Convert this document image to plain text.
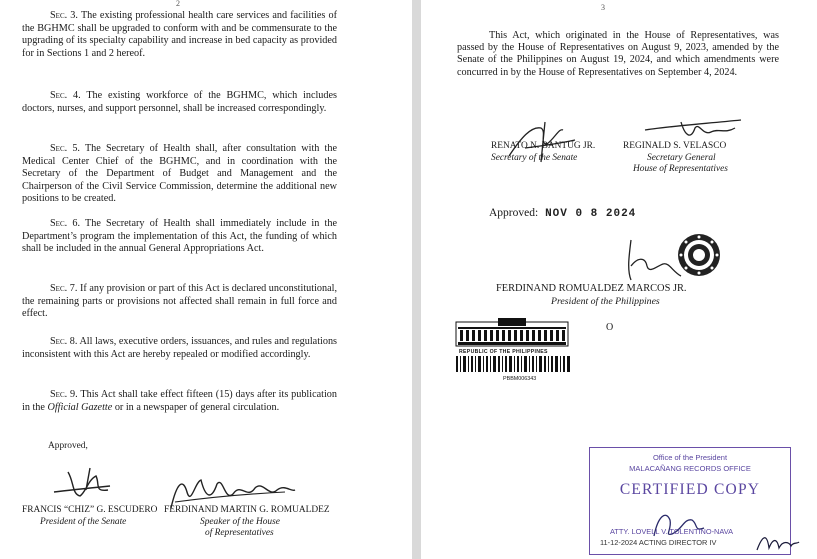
2

Sec. 3. The existing professional health care services and facilities of the BGHMC shall be upgraded to conform with and be commensurate to the upgrading of its specialty capability and increase in bed capacity as provided for in Sections 1 and 2 hereof.

Sec. 4. The existing workforce of the BGHMC, which includes doctors, nurses, and support personnel, shall be increased correspondingly.

Sec. 5. The Secretary of Health shall, after consultation with the Medical Center Chief of the BGHMC, and in coordination with the Secretary of the Department of Budget and Management and the Chairperson of the Civil Service Commission, determine the additional new positions to be created.

Sec. 6. The Secretary of Health shall immediately include in the Department’s program the implementation of this Act, the funding of which shall be included in the annual General Appropriations Act.

Sec. 7. If any provision or part of this Act is declared unconstitutional, the remaining parts or provisions not affected shall remain in full force and effect.

Sec. 8. All laws, executive orders, issuances, and rules and regulations inconsistent with this Act are hereby repealed or modified accordingly.

Sec. 9. This Act shall take effect fifteen (15) days after its publication in the Official Gazette or in a newspaper of general circulation.

Approved,
FRANCIS “CHIZ” G. ESCUDERO
President of the Senate
FERDINAND MARTIN G. ROMUALDEZ
Speaker of the House
of Representatives
3

This Act, which originated in the House of Representatives, was passed by the House of Representatives on August 9, 2023, amended by the Senate of the Philippines on August 19, 2024, and which amendments were concurred in by the House of Representatives on September 4, 2024.

RENATO N. BANTUG JR.
Secretary of the Senate
REGINALD S. VELASCO
Secretary General
House of Representatives
Approved: NOV 0 8 2024
FERDINAND ROMUALDEZ MARCOS JR.
President of the Philippines
O
REPUBLIC OF THE PHILIPPINES
PBBM006343
Office of the President
MALACAÑANG RECORDS OFFICE
CERTIFIED COPY
ATTY. LOVELL V. TOLENTINO-NAVA
11-12-2024 ACTING DIRECTOR IV
